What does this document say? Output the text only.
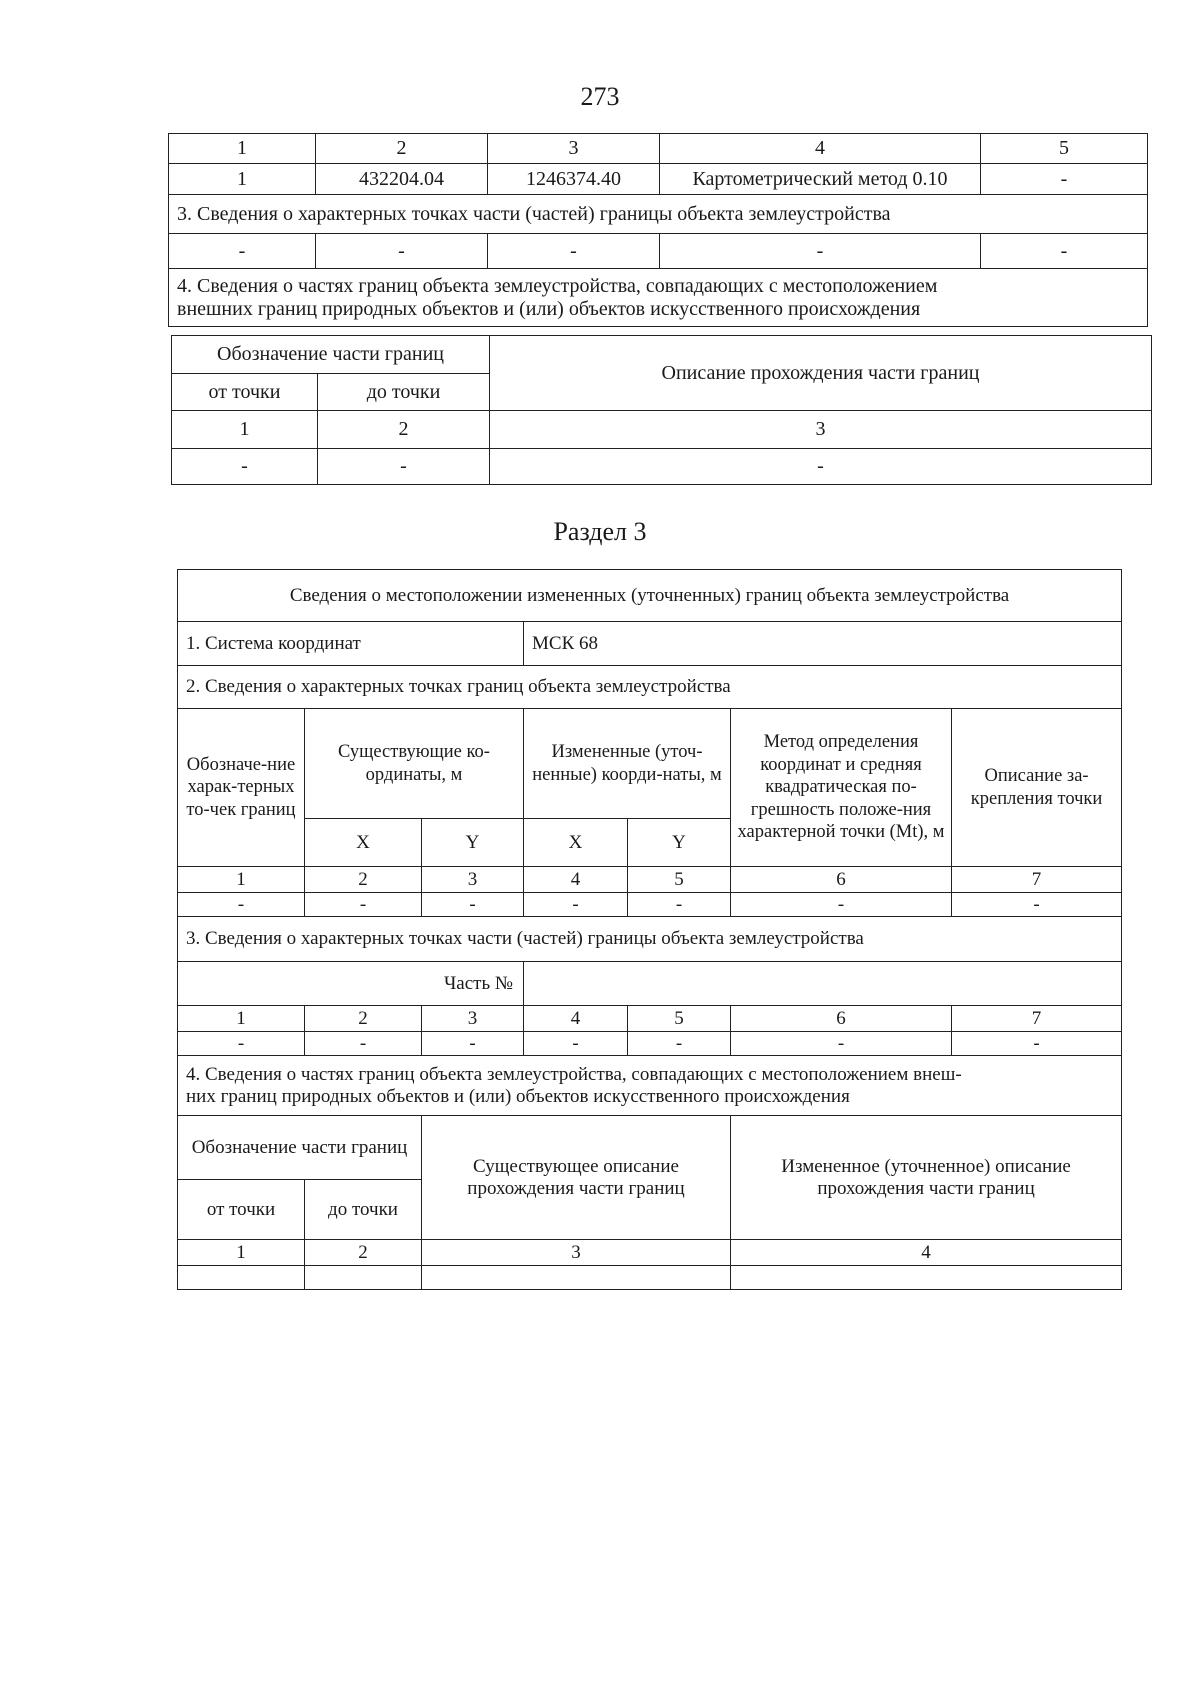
273
1	2	3	4	5
1	432204.04	1246374.40	Картометрический метод 0.10	-
3. Сведения о характерных точках части (частей) границы объекта землеустройства				
-	-	-	-	-

4. Сведения о частях границ объекта землеустройства, совпадающих с местоположением
внешних границ природных объектов и (или) объектов искусственного происхождения				
Обозначение части границ		Описание прохождения части границ
от точки	до точки	
1	2	3
-	-	-
Раздел 3
Сведения о местоположении измененных (уточненных) границ объекта землеустройства						
1. Система координат			МСК 68			
2. Сведения о характерных точках границ объекта землеустройства						
Обозначе-ние харак-терных то-чек границ	Существующие ко-ординаты, м		Измененные (уточ-ненные) коорди-наты, м		Метод определения координат и средняя квадратическая по-грешность положе-ния характерной точки (Mt), м	Описание за-крепления точки
	X	Y	X	Y		
1	2	3	4	5	6	7
-	-	-	-	-	-	-
3. Сведения о характерных точках части (частей) границы объекта землеустройства						
Часть №						
1	2	3	4	5	6	7
-	-	-	-	-	-	-

4. Сведения о частях границ объекта землеустройства, совпадающих с местоположением внеш-
них границ природных объектов и (или) объектов искусственного происхождения						

Обозначение части границ		Существующее описание прохождения части границ			Измененное (уточненное) описание прохождения части границ	
от точки	до точки					
1	2	3			4	
